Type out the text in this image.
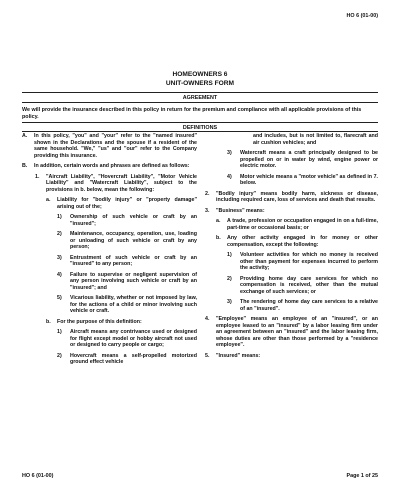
HO 6 (01-00)
HOMEOWNERS 6
UNIT-OWNERS FORM
AGREEMENT
We will provide the insurance described in this policy in return for the premium and compliance with all applicable provisions of this policy.
DEFINITIONS
A.	In this policy, "you" and "your" refer to the "named insured" shown in the Declarations and the spouse if a resident of the same household. "We," "us" and "our" refer to the Company providing this insurance.
B.	In addition, certain words and phrases are defined as follows:
1.	"Aircraft Liability", "Hovercraft Liability", "Motor Vehicle Liability" and "Watercraft Liability", subject to the provisions in b. below, mean the following:
a.	Liability for "bodily injury" or "property damage" arising out of the;
1)	Ownership of such vehicle or craft by an "insured";
2)	Maintenance, occupancy, operation, use, loading or unloading of such vehicle or craft by any person;
3)	Entrustment of such vehicle or craft by an "insured" to any person;
4)	Failure to supervise or negligent supervision of any person involving such vehicle or craft by an "insured"; and
5)	Vicarious liability, whether or not imposed by law, for the actions of a child or minor involving such vehicle or craft.
b.	For the purpose of this definition:
1)	Aircraft means any contrivance used or designed for flight except model or hobby aircraft not used or designed to carry people or cargo;
2)	Hovercraft means a self-propelled motorized ground effect vehicle
and includes, but is not limited to, flarecraft and air cushion vehicles; and
3)	Watercraft means a craft principally designed to be propelled on or in water by wind, engine power or electric motor.
4)	Motor vehicle means a "motor vehicle" as defined in 7. below.
2.	"Bodily injury" means bodily harm, sickness or disease, including required care, loss of services and death that results.
3.	"Business" means:
a.	A trade, profession or occupation engaged in on a full-time, part-time or occasional basis; or
b.	Any other activity engaged in for money or other compensation, except the following:
1)	Volunteer activities for which no money is received other than payment for expenses incurred to perform the activity;
2)	Providing home day care services for which no compensation is received, other than the mutual exchange of such services; or
3)	The rendering of home day care services to a relative of an "insured".
4.	"Employee" means an employee of an "insured", or an employee leased to an "insured" by a labor leasing firm under an agreement between an "insured" and the labor leasing firm, whose duties are other than those performed by a "residence employee".
5.	"Insured" means:
HO 6 (01-00)	Page 1 of 25
